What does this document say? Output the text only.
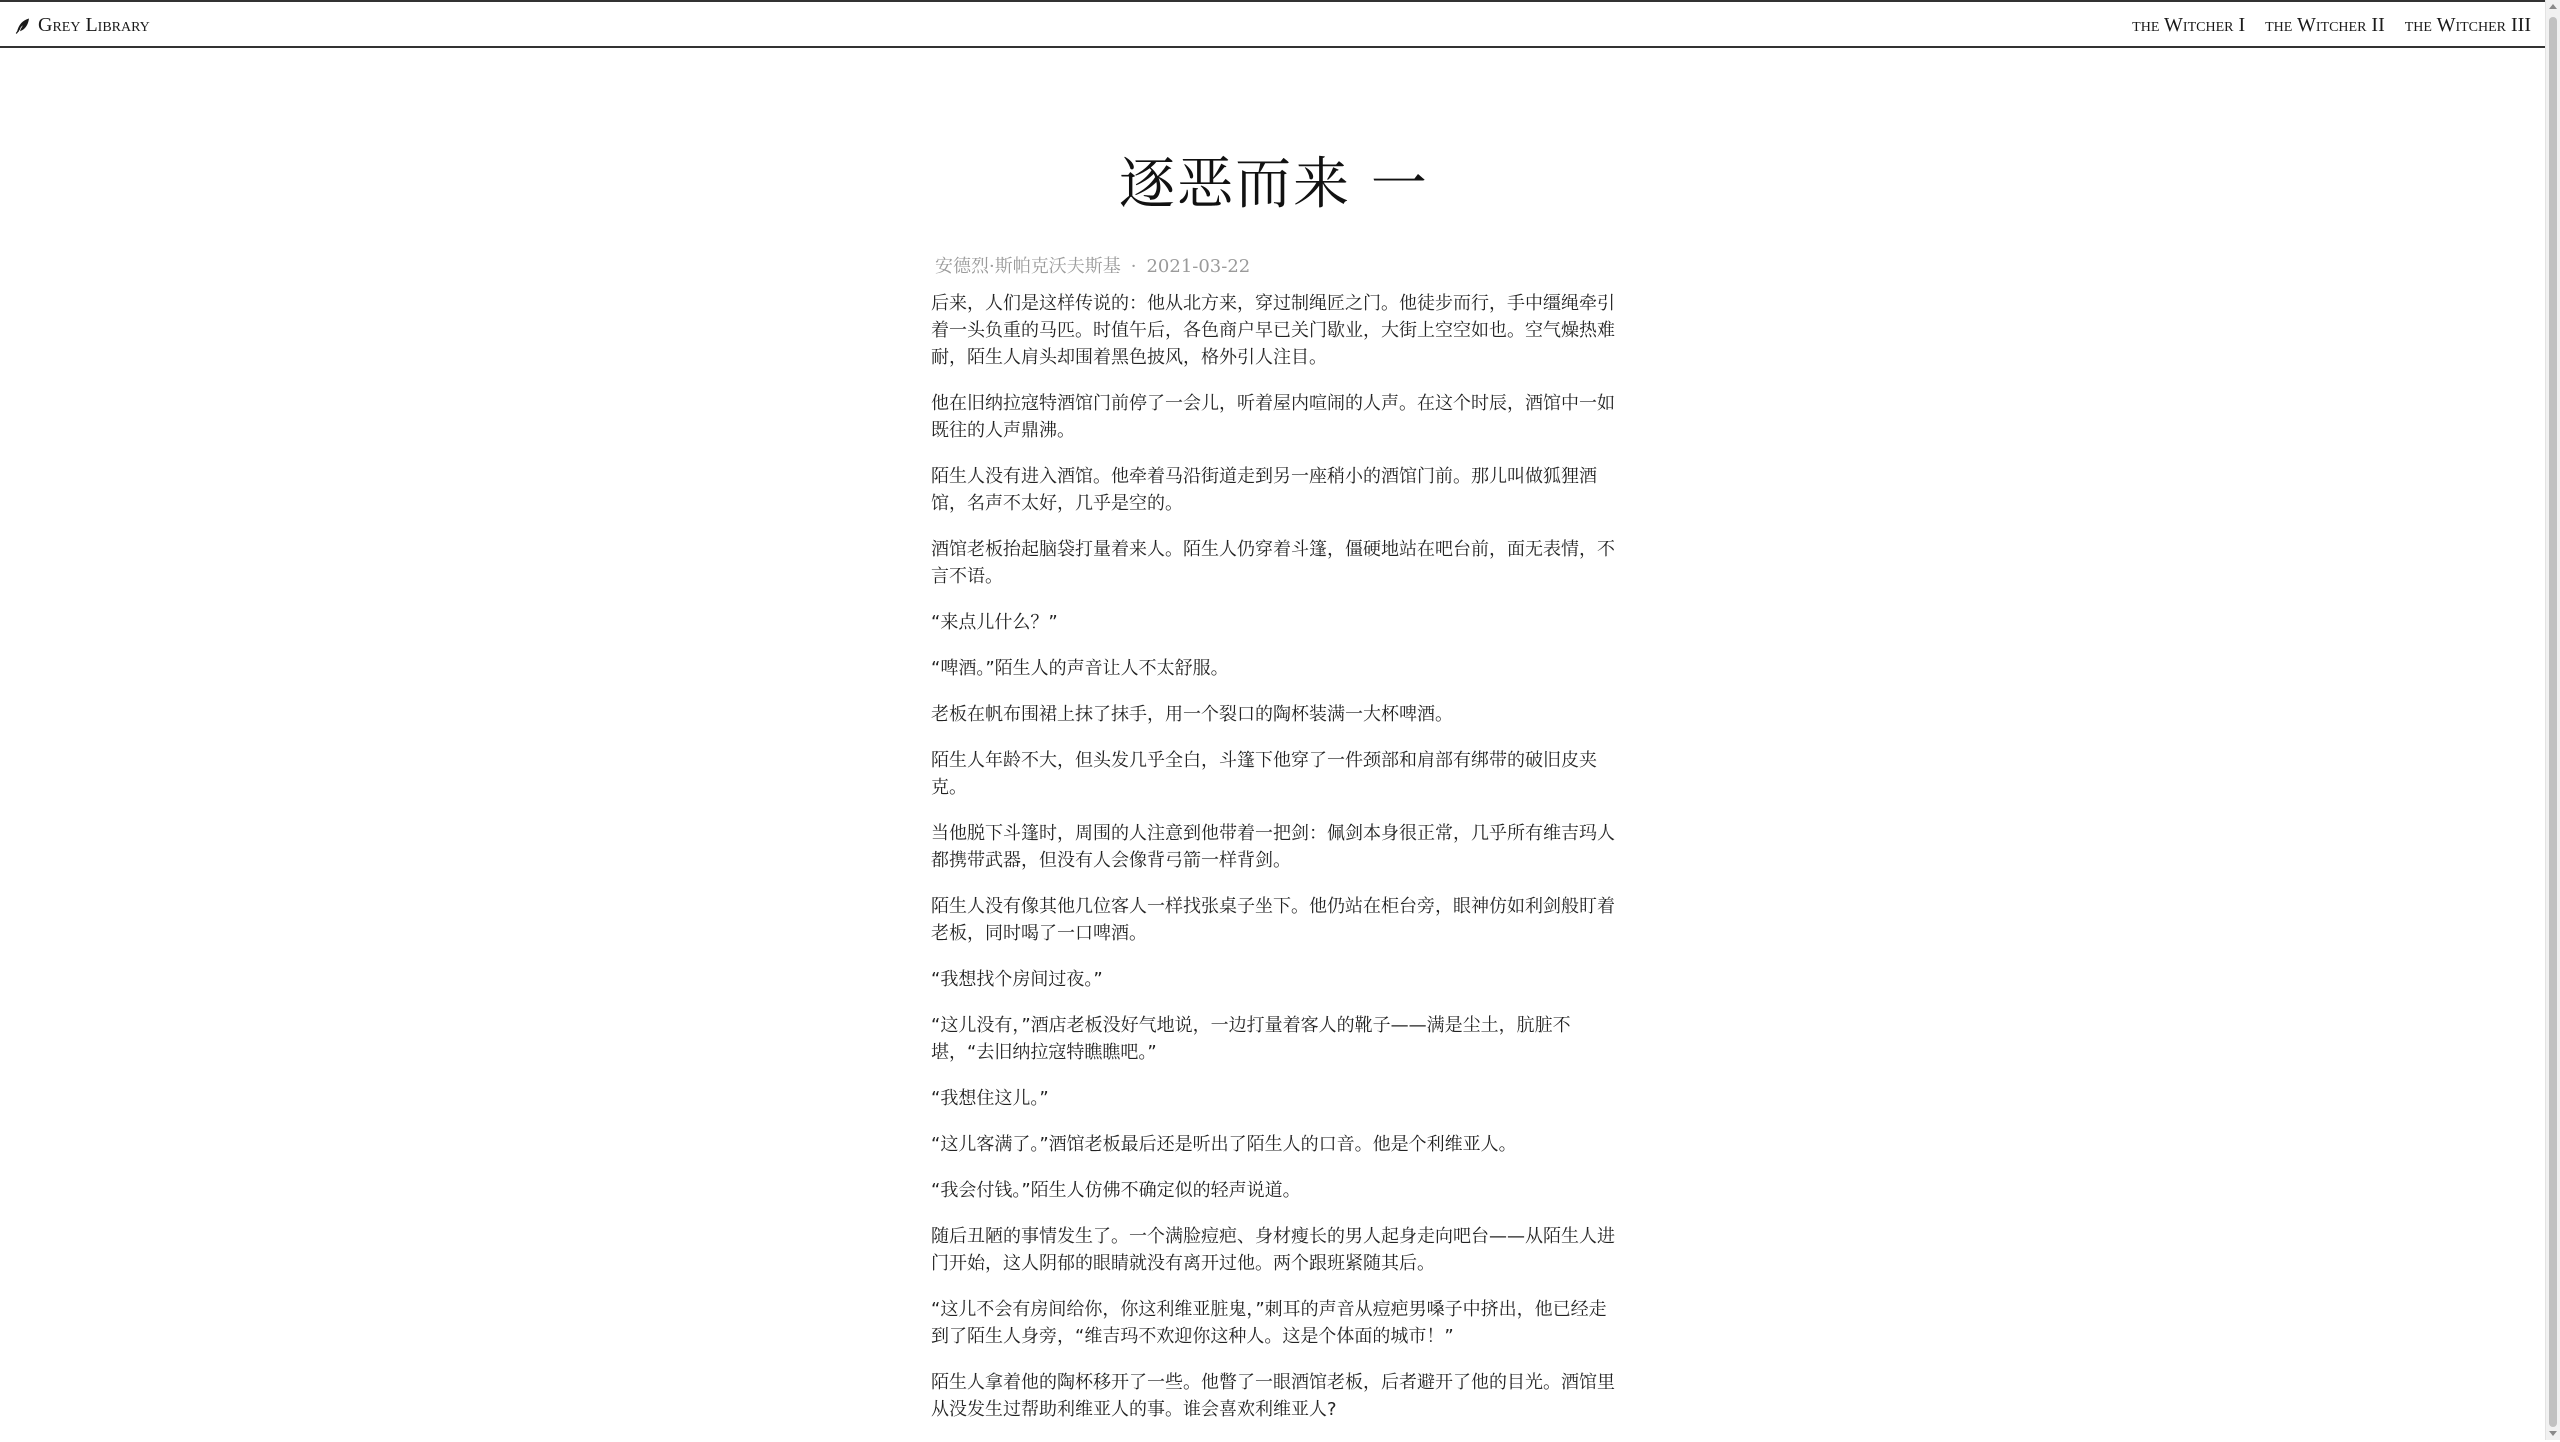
Grey Library	the Witcher I the Witcher II the Witcher III
逐恶而来 一
安德烈·斯帕克沃夫斯基 · 2021-03-22

后来，人们是这样传说的：他从北方来，穿过制绳匠之门。他徒步而行，手中缰绳牵引着一头负重的马匹。时值午后，各色商户早已关门歇业，大街上空空如也。空气燥热难耐，陌生人肩头却围着黑色披风，格外引人注目。

他在旧纳拉寇特酒馆门前停了一会儿，听着屋内喧闹的人声。在这个时辰，酒馆中一如既往的人声鼎沸。

陌生人没有进入酒馆。他牵着马沿街道走到另一座稍小的酒馆门前。那儿叫做狐狸酒馆，名声不太好，几乎是空的。

酒馆老板抬起脑袋打量着来人。陌生人仍穿着斗篷，僵硬地站在吧台前，面无表情，不言不语。

“来点儿什么？”

“啤酒。”陌生人的声音让人不太舒服。

老板在帆布围裙上抹了抹手，用一个裂口的陶杯装满一大杯啤酒。

陌生人年龄不大，但头发几乎全白，斗篷下他穿了一件颈部和肩部有绑带的破旧皮夹克。

当他脱下斗篷时，周围的人注意到他带着一把剑：佩剑本身很正常，几乎所有维吉玛人都携带武器，但没有人会像背弓箭一样背剑。

陌生人没有像其他几位客人一样找张桌子坐下。他仍站在柜台旁，眼神仿如利剑般盯着老板，同时喝了一口啤酒。

“我想找个房间过夜。”

“这儿没有，”酒店老板没好气地说，一边打量着客人的靴子——满是尘土，肮脏不堪，“去旧纳拉寇特瞧瞧吧。”

“我想住这儿。”

“这儿客满了。”酒馆老板最后还是听出了陌生人的口音。他是个利维亚人。

“我会付钱。”陌生人仿佛不确定似的轻声说道。

随后丑陋的事情发生了。一个满脸痘疤、身材瘦长的男人起身走向吧台——从陌生人进门开始，这人阴郁的眼睛就没有离开过他。两个跟班紧随其后。

“这儿不会有房间给你，你这利维亚脏鬼，”刺耳的声音从痘疤男嗓子中挤出，他已经走到了陌生人身旁，“维吉玛不欢迎你这种人。这是个体面的城市！”

陌生人拿着他的陶杯移开了一些。他瞥了一眼酒馆老板，后者避开了他的目光。酒馆里从没发生过帮助利维亚人的事。谁会喜欢利维亚人?
